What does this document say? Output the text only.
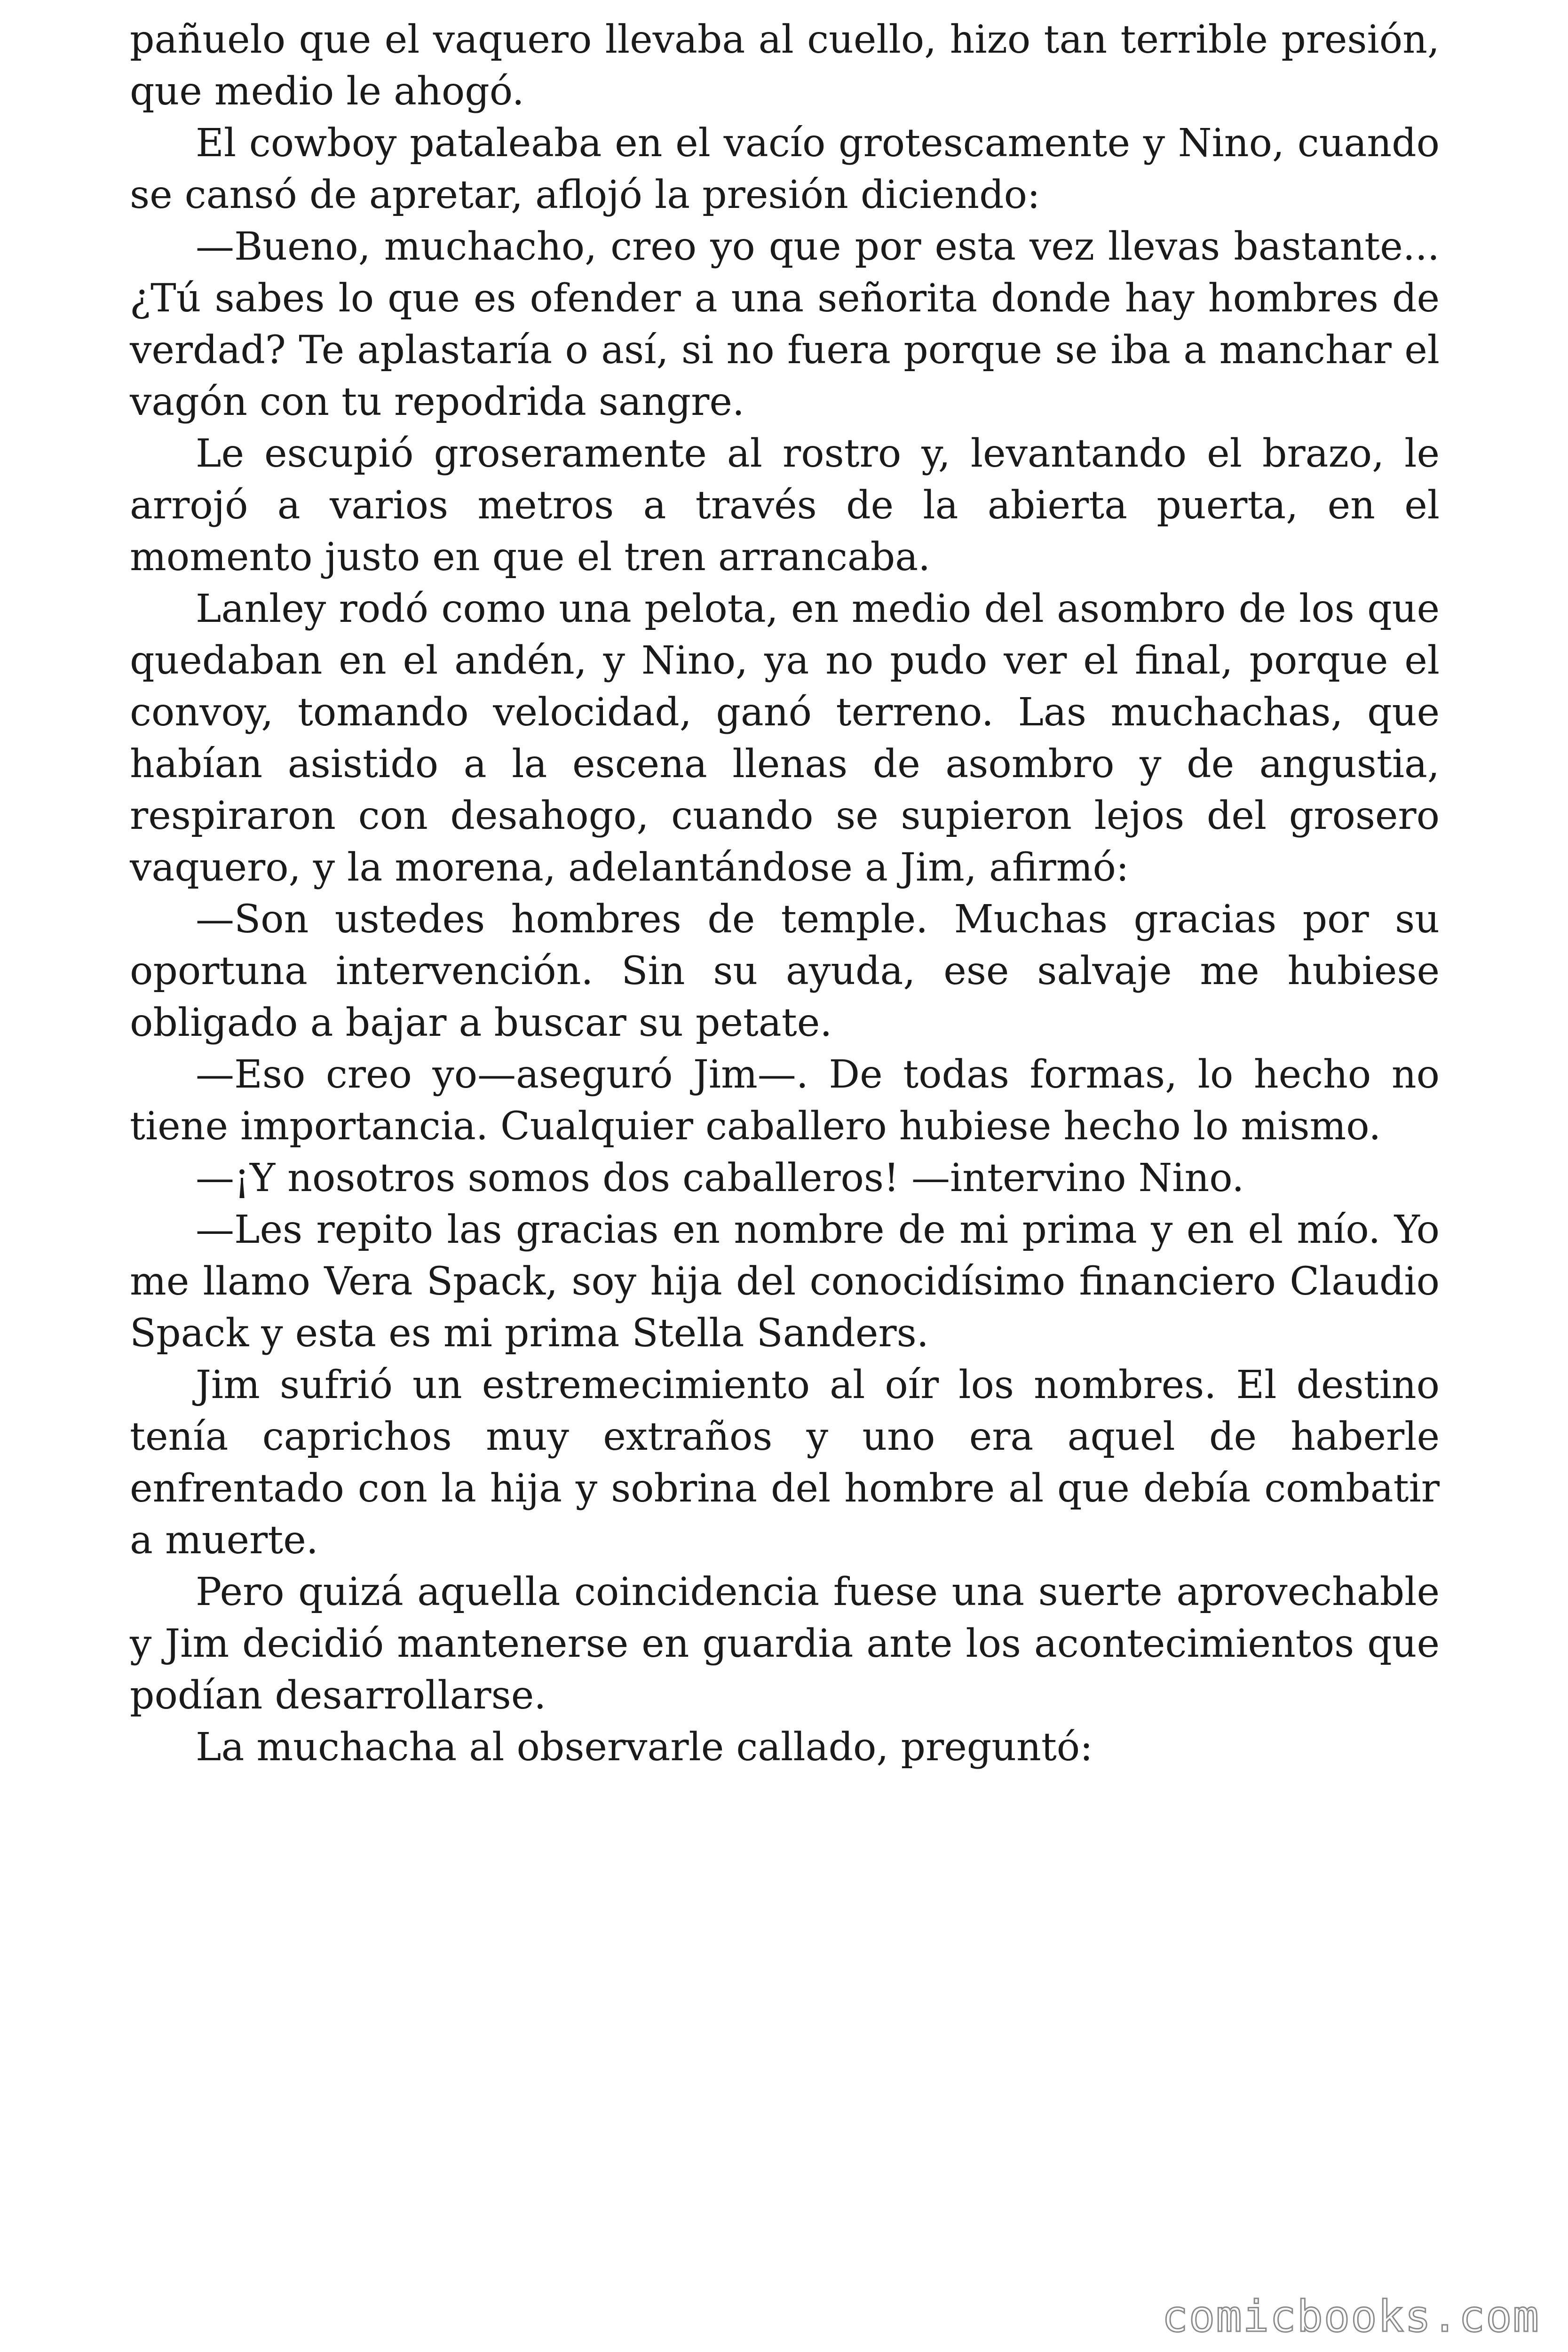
pañuelo que el vaquero llevaba al cuello, hizo tan terrible presión, que medio le ahogó.

El cowboy pataleaba en el vacío grotescamente y Nino, cuando se cansó de apretar, aflojó la presión diciendo:

—Bueno, muchacho, creo yo que por esta vez llevas bastante... ¿Tú sabes lo que es ofender a una señorita donde hay hombres de verdad? Te aplastaría o así, si no fuera porque se iba a manchar el vagón con tu repodrida sangre.

Le escupió groseramente al rostro y, levantando el brazo, le arrojó a varios metros a través de la abierta puerta, en el momento justo en que el tren arrancaba.

Lanley rodó como una pelota, en medio del asombro de los que quedaban en el andén, y Nino, ya no pudo ver el final, porque el convoy, tomando velocidad, ganó terreno. Las muchachas, que habían asistido a la escena llenas de asombro y de angustia, respiraron con desahogo, cuando se supieron lejos del grosero vaquero, y la morena, adelantándose a Jim, afirmó:

—Son ustedes hombres de temple. Muchas gracias por su oportuna intervención. Sin su ayuda, ese salvaje me hubiese obligado a bajar a buscar su petate.

—Eso creo yo—aseguró Jim—. De todas formas, lo hecho no tiene importancia. Cualquier caballero hubiese hecho lo mismo.

—¡Y nosotros somos dos caballeros! —intervino Nino.

—Les repito las gracias en nombre de mi prima y en el mío. Yo me llamo Vera Spack, soy hija del conocidísimo financiero Claudio Spack y esta es mi prima Stella Sanders.

Jim sufrió un estremecimiento al oír los nombres. El destino tenía caprichos muy extraños y uno era aquel de haberle enfrentado con la hija y sobrina del hombre al que debía combatir a muerte.

Pero quizá aquella coincidencia fuese una suerte aprovechable y Jim decidió mantenerse en guardia ante los acontecimientos que podían desarrollarse.

La muchacha al observarle callado, preguntó:

comicbooks.com
